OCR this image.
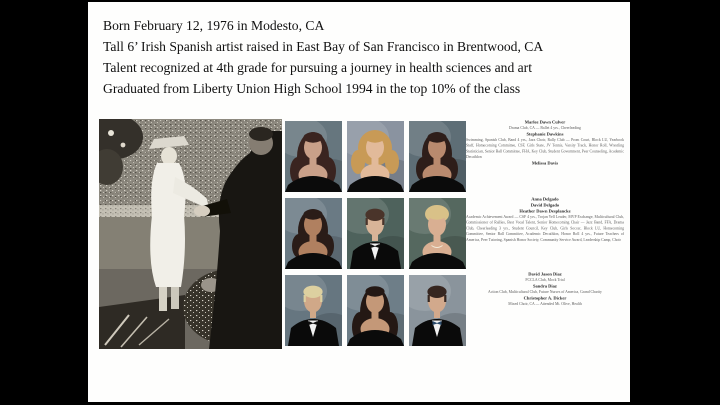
Born February 12, 1976 in Modesto, CA
Tall 6’ Irish Spanish artist raised in East Bay of San Francisco in Brentwood, CA
Talent recognized at 4th grade for pursuing a journey in health sciences and art
Graduated from Liberty Union High School 1994 in the top 10% of the class
Marlee Dawn Culver
Drama Club, CA — Ballet 4 yrs., Cheerleading
Stephanie Dawkins
Swimming, Spanish Club, Band 4 yrs., Jazz Choir, Rally Club — Prom Court, Block LU, Yearbook Staff, Homecoming Committee, CSF, Girls State, JV Tennis, Varsity Track, Honor Roll, Wrestling Statistician, Senior Ball Committee, FHA, Key Club, Student Government, Peer Counseling, Academic Decathlon
Melissa Davis
Anna Delgado
David Delgado
Heather Dawn Desplancke
Academic Achievement Award — CSF 4 yrs., Trojan Yell Leader, MVP Exchange, Multicultural Club, Commissioner of Rallies, Best Vocal Talent, Senior Homecoming Chair — Jazz Band, FFA, Drama Club, Cheerleading 3 yrs., Student Council, Key Club, Girls Soccer, Block LU, Homecoming Committee, Senior Ball Committee, Academic Decathlon, Honor Roll 4 yrs., Future Teachers of America, Peer Tutoring, Spanish Honor Society, Community Service Award, Leadership Camp, Choir
David Jason Diaz
FCCLA Club, Mock Trial
Sandra Diaz
Action Club, Multicultural Club, Future Nurses of America, Grand Charity
Christopher A. Dicker
Mixed Choir, CA — Attended Mt. Olive, Health
